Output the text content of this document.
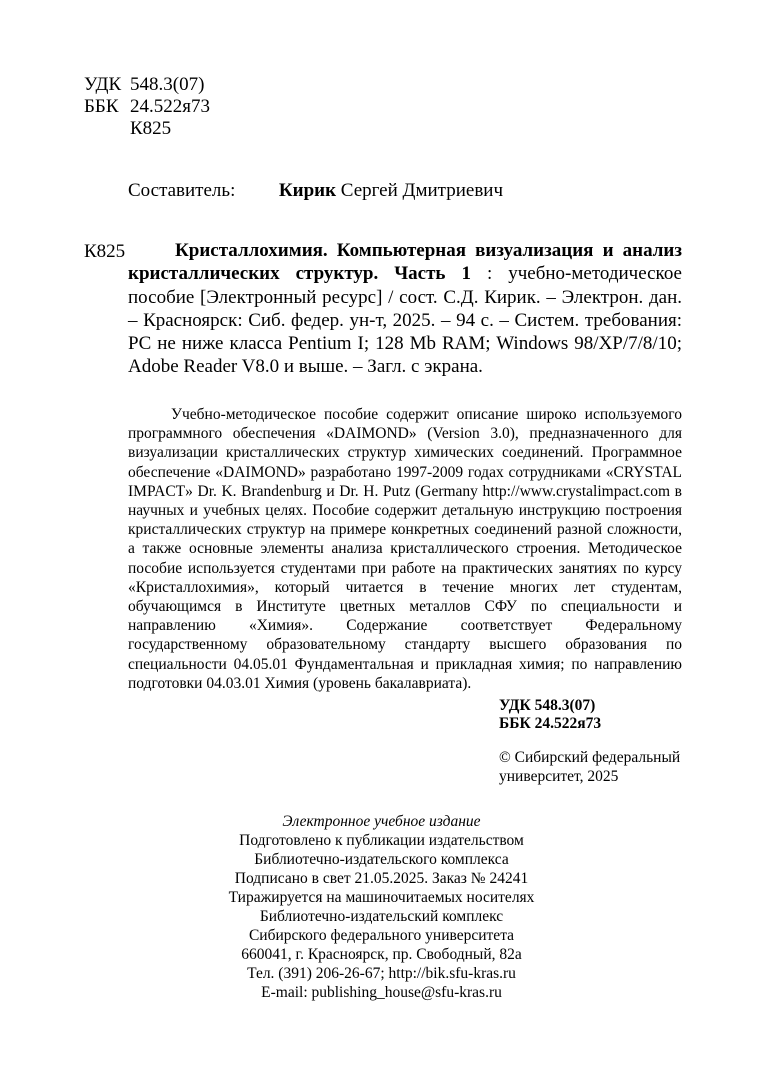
УДК 548.3(07)
ББК 24.522я73
К825
Составитель: Кирик Сергей Дмитриевич
К825	Кристаллохимия. Компьютерная визуализация и анализ кристаллических структур. Часть 1 : учебно-методическое пособие [Электронный ресурс] / сост. С.Д. Кирик. – Электрон. дан. – Красноярск: Сиб. федер. ун-т, 2025. – 94 с. – Систем. требования: PC не ниже класса Pentium I; 128 Mb RAM; Windows 98/XP/7/8/10; Adobe Reader V8.0 и выше. – Загл. с экрана.
Учебно-методическое пособие содержит описание широко используемого программного обеспечения «DAIMOND» (Version 3.0), предназначенного для визуализации кристаллических структур химических соединений. Программное обеспечение «DAIMOND» разработано 1997-2009 годах сотрудниками «CRYSTAL IMPACT» Dr. K. Brandenburg и Dr. H. Putz (Germany http://www.crystalimpact.com в научных и учебных целях. Пособие содержит детальную инструкцию построения кристаллических структур на примере конкретных соединений разной сложности, а также основные элементы анализа кристаллического строения. Методическое пособие используется студентами при работе на практических занятиях по курсу «Кристаллохимия», который читается в течение многих лет студентам, обучающимся в Институте цветных металлов СФУ по специальности и направлению «Химия». Содержание соответствует Федеральному государственному образовательному стандарту высшего образования по специальности 04.05.01 Фундаментальная и прикладная химия; по направлению подготовки 04.03.01 Химия (уровень бакалавриата).
УДК 548.3(07)
ББК 24.522я73
© Сибирский федеральный
университет, 2025
Электронное учебное издание
Подготовлено к публикации издательством
Библиотечно-издательского комплекса
Подписано в свет 21.05.2025. Заказ № 24241
Тиражируется на машиночитаемых носителях
Библиотечно-издательский комплекс
Сибирского федерального университета
660041, г. Красноярск, пр. Свободный, 82а
Тел. (391) 206-26-67; http://bik.sfu-kras.ru
E-mail: publishing_house@sfu-kras.ru
